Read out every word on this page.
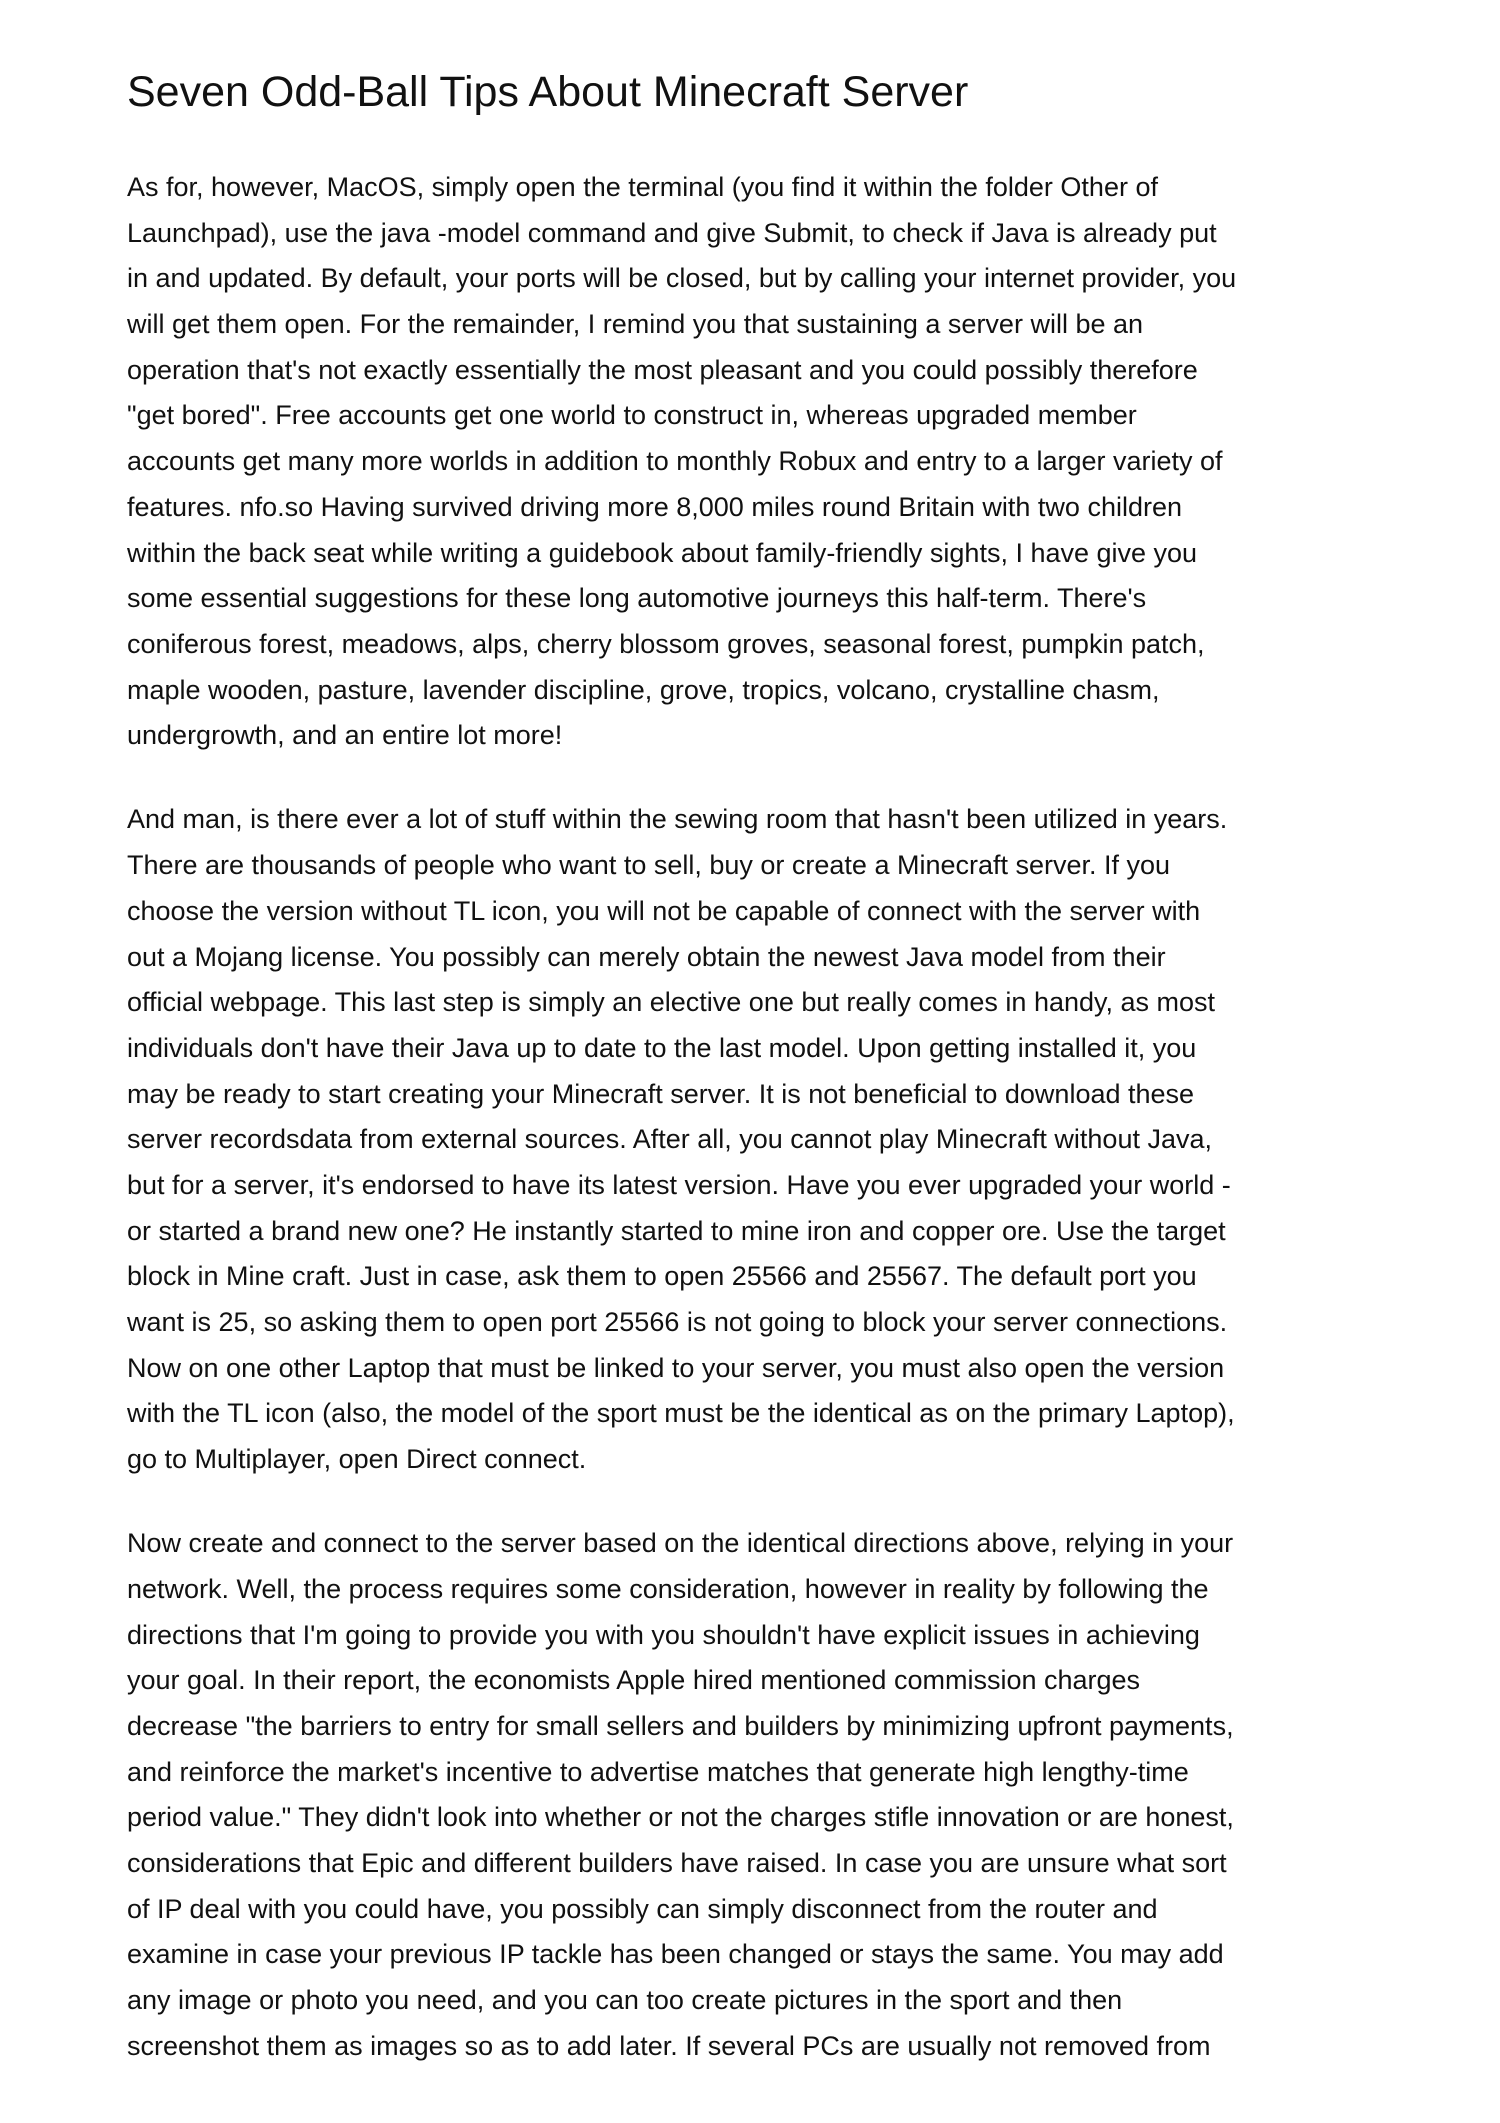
Seven Odd-Ball Tips About Minecraft Server
As for, however, MacOS, simply open the terminal (you find it within the folder Other of
Launchpad), use the java -model command and give Submit, to check if Java is already put
in and updated. By default, your ports will be closed, but by calling your internet provider, you
will get them open. For the remainder, I remind you that sustaining a server will be an
operation that's not exactly essentially the most pleasant and you could possibly therefore
"get bored". Free accounts get one world to construct in, whereas upgraded member
accounts get many more worlds in addition to monthly Robux and entry to a larger variety of
features. nfo.so Having survived driving more 8,000 miles round Britain with two children
within the back seat while writing a guidebook about family-friendly sights, I have give you
some essential suggestions for these long automotive journeys this half-term. There's
coniferous forest, meadows, alps, cherry blossom groves, seasonal forest, pumpkin patch,
maple wooden, pasture, lavender discipline, grove, tropics, volcano, crystalline chasm,
undergrowth, and an entire lot more!
And man, is there ever a lot of stuff within the sewing room that hasn't been utilized in years.
There are thousands of people who want to sell, buy or create a Minecraft server. If you
choose the version without TL icon, you will not be capable of connect with the server with
out a Mojang license. You possibly can merely obtain the newest Java model from their
official webpage. This last step is simply an elective one but really comes in handy, as most
individuals don't have their Java up to date to the last model. Upon getting installed it, you
may be ready to start creating your Minecraft server. It is not beneficial to download these
server recordsdata from external sources. After all, you cannot play Minecraft without Java,
but for a server, it's endorsed to have its latest version. Have you ever upgraded your world -
or started a brand new one? He instantly started to mine iron and copper ore. Use the target
block in Mine craft. Just in case, ask them to open 25566 and 25567. The default port you
want is 25, so asking them to open port 25566 is not going to block your server connections.
Now on one other Laptop that must be linked to your server, you must also open the version
with the TL icon (also, the model of the sport must be the identical as on the primary Laptop),
go to Multiplayer, open Direct connect.
Now create and connect to the server based on the identical directions above, relying in your
network. Well, the process requires some consideration, however in reality by following the
directions that I'm going to provide you with you shouldn't have explicit issues in achieving
your goal. In their report, the economists Apple hired mentioned commission charges
decrease "the barriers to entry for small sellers and builders by minimizing upfront payments,
and reinforce the market's incentive to advertise matches that generate high lengthy-time
period value." They didn't look into whether or not the charges stifle innovation or are honest,
considerations that Epic and different builders have raised. In case you are unsure what sort
of IP deal with you could have, you possibly can simply disconnect from the router and
examine in case your previous IP tackle has been changed or stays the same. You may add
any image or photo you need, and you can too create pictures in the sport and then
screenshot them as images so as to add later. If several PCs are usually not removed from
